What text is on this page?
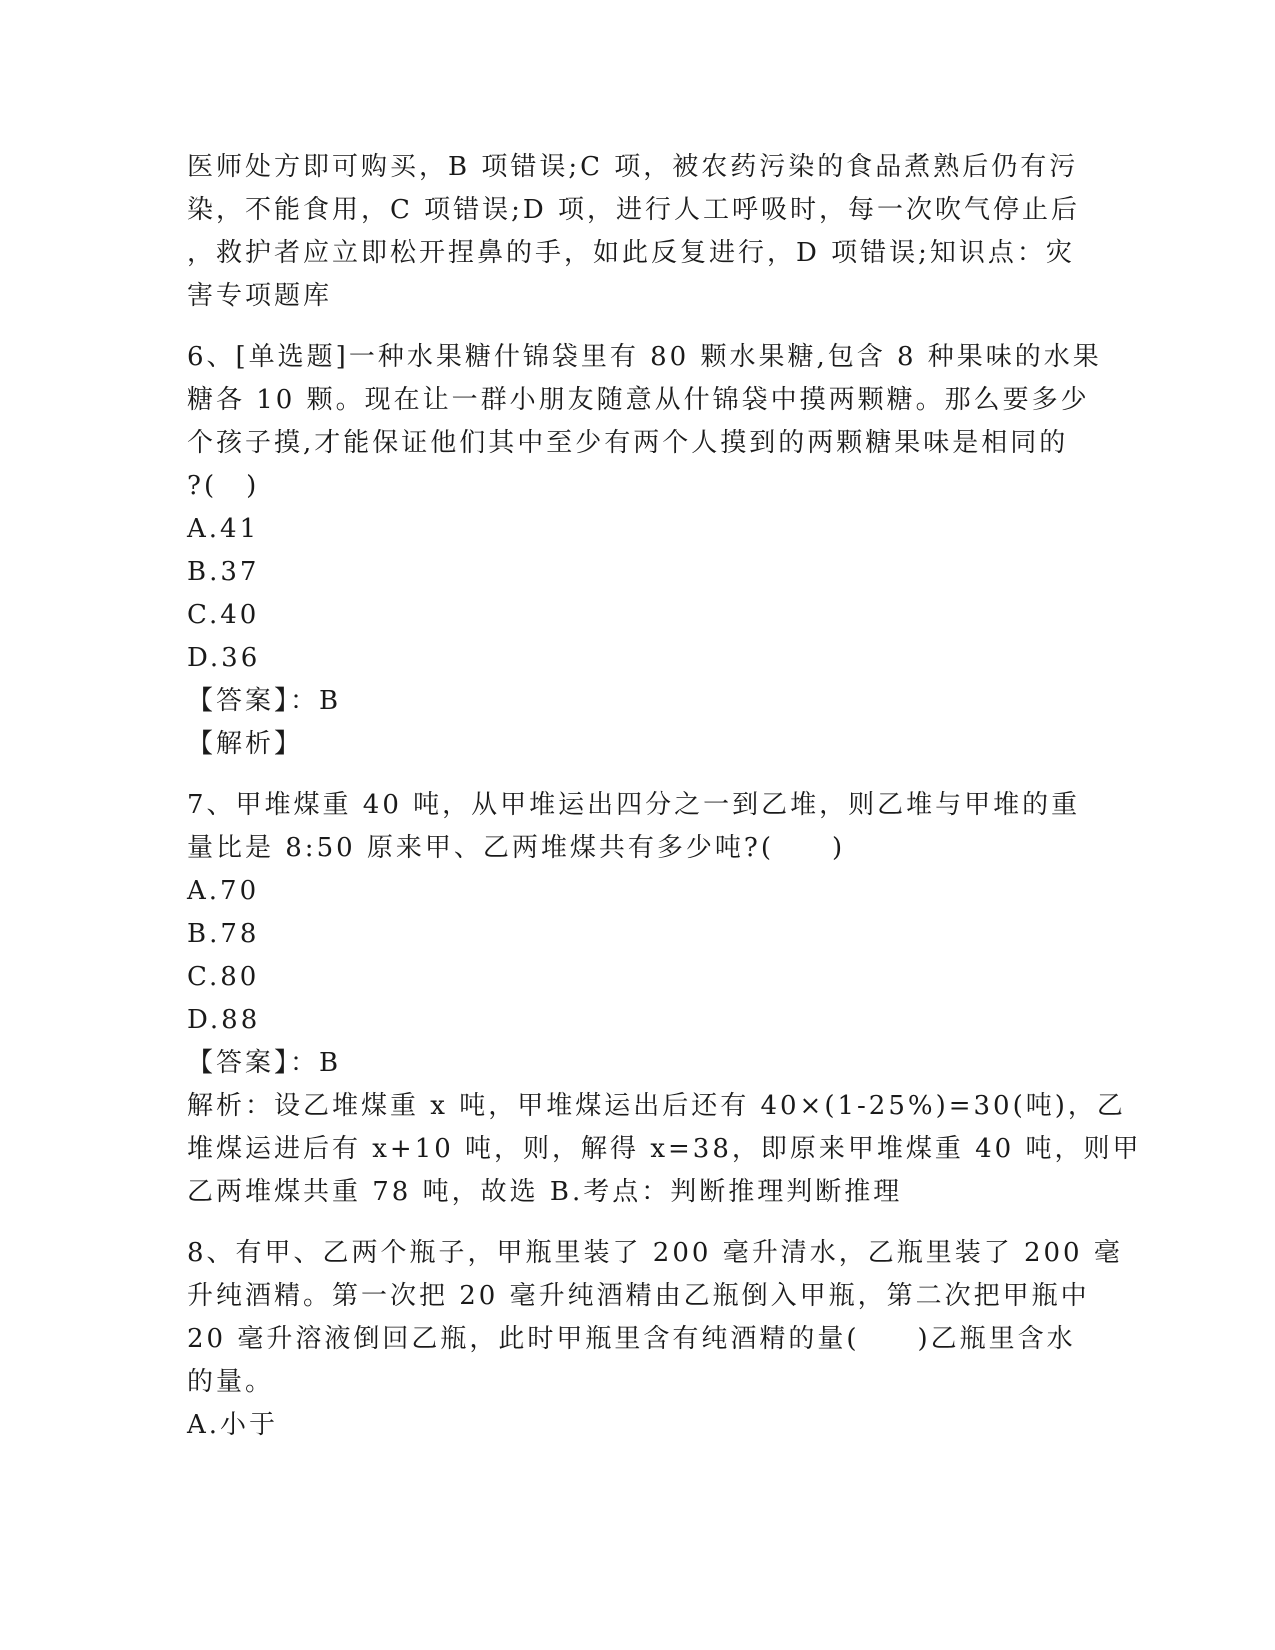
医师处方即可购买，B 项错误;C 项，被农药污染的食品煮熟后仍有污
染，不能食用，C 项错误;D 项，进行人工呼吸时，每一次吹气停止后
，救护者应立即松开捏鼻的手，如此反复进行，D 项错误;知识点：灾
害专项题库
6、[单选题]一种水果糖什锦袋里有 80 颗水果糖,包含 8 种果味的水果
糖各 10 颗。现在让一群小朋友随意从什锦袋中摸两颗糖。那么要多少
个孩子摸,才能保证他们其中至少有两个人摸到的两颗糖果味是相同的
?(　)
A.41
B.37
C.40
D.36
【答案】：B
【解析】
7、甲堆煤重 40 吨，从甲堆运出四分之一到乙堆，则乙堆与甲堆的重
量比是 8:50 原来甲、乙两堆煤共有多少吨?(　　)
A.70
B.78
C.80
D.88
【答案】：B
解析：设乙堆煤重 x 吨，甲堆煤运出后还有 40×(1-25%)=30(吨)，乙
堆煤运进后有 x+10 吨，则，解得 x=38，即原来甲堆煤重 40 吨，则甲
乙两堆煤共重 78 吨，故选 B.考点：判断推理判断推理
8、有甲、乙两个瓶子，甲瓶里装了 200 毫升清水，乙瓶里装了 200 毫
升纯酒精。第一次把 20 毫升纯酒精由乙瓶倒入甲瓶，第二次把甲瓶中
20 毫升溶液倒回乙瓶，此时甲瓶里含有纯酒精的量(　　)乙瓶里含水
的量。
A.小于
